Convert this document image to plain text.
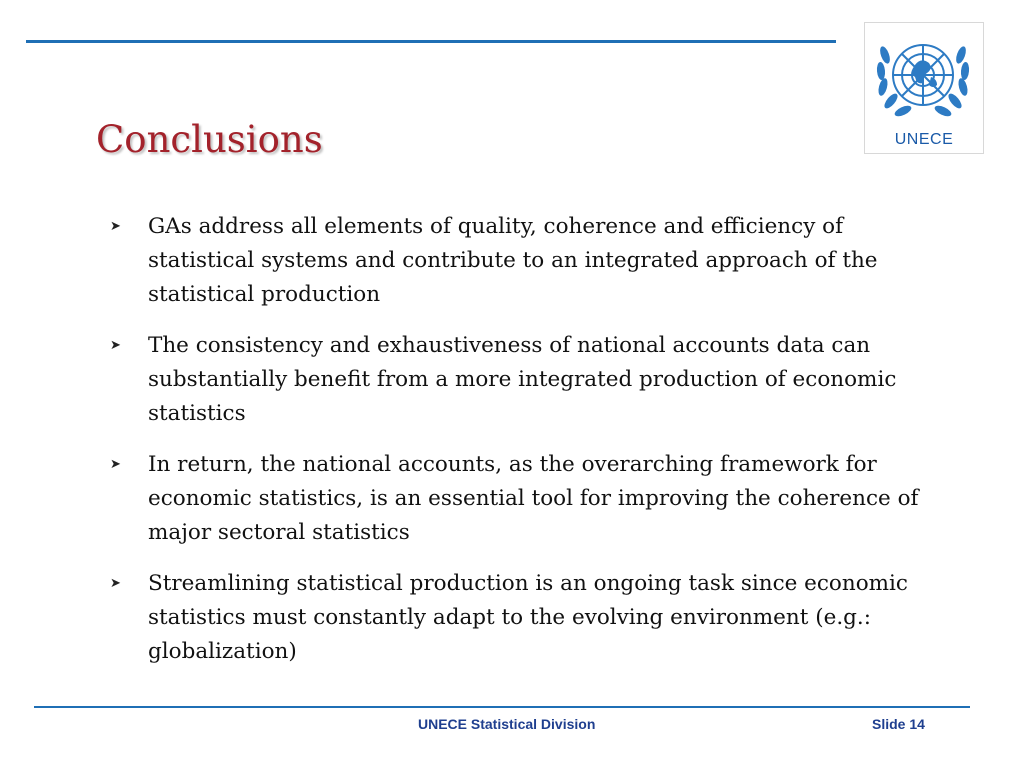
UNECE
Conclusions
➤ GAs address all elements of quality, coherence and efficiency of statistical systems and contribute to an integrated approach of the statistical production
➤ The consistency and exhaustiveness of national accounts data can substantially benefit from a more integrated production of economic statistics
➤ In return, the national accounts, as the overarching framework for economic statistics, is an essential tool for improving the coherence of major sectoral statistics
➤ Streamlining statistical production is an ongoing task since economic statistics must constantly adapt to the evolving environment (e.g.: globalization)
UNECE Statistical Division	Slide 14
